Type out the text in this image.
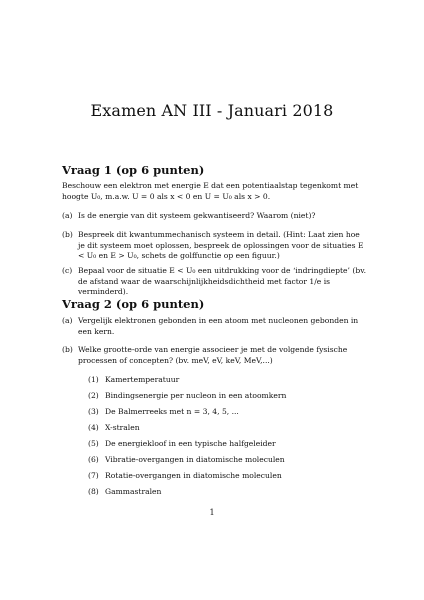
Examen AN III - Januari 2018
Vraag 1 (op 6 punten)
Beschouw een elektron met energie E dat een potentiaalstap tegenkomt met hoogte U₀, m.a.w. U = 0 als x < 0 en U = U₀ als x > 0.
(a) Is de energie van dit systeem gekwantiseerd? Waarom (niet)?
(b) Bespreek dit kwantummechanisch systeem in detail. (Hint: Laat zien hoe je dit systeem moet oplossen, bespreek de oplossingen voor de situaties E < U₀ en E > U₀, schets de golffunctie op een figuur.)
(c) Bepaal voor de situatie E < U₀ een uitdrukking voor de ‘indringdiepte’ (bv. de afstand waar de waarschijnlijkheidsdichtheid met factor 1/e is verminderd).
Vraag 2 (op 6 punten)
(a) Vergelijk elektronen gebonden in een atoom met nucleonen gebonden in een kern.
(b) Welke grootte-orde van energie associeer je met de volgende fysische processen of concepten? (bv. meV, eV, keV, MeV,...)
(1) Kamertemperatuur
(2) Bindingsenergie per nucleon in een atoomkern
(3) De Balmerreeks met n = 3, 4, 5, ...
(4) X-stralen
(5) De energiekloof in een typische halfgeleider
(6) Vibratie-overgangen in diatomische moleculen
(7) Rotatie-overgangen in diatomische moleculen
(8) Gammastralen
1
